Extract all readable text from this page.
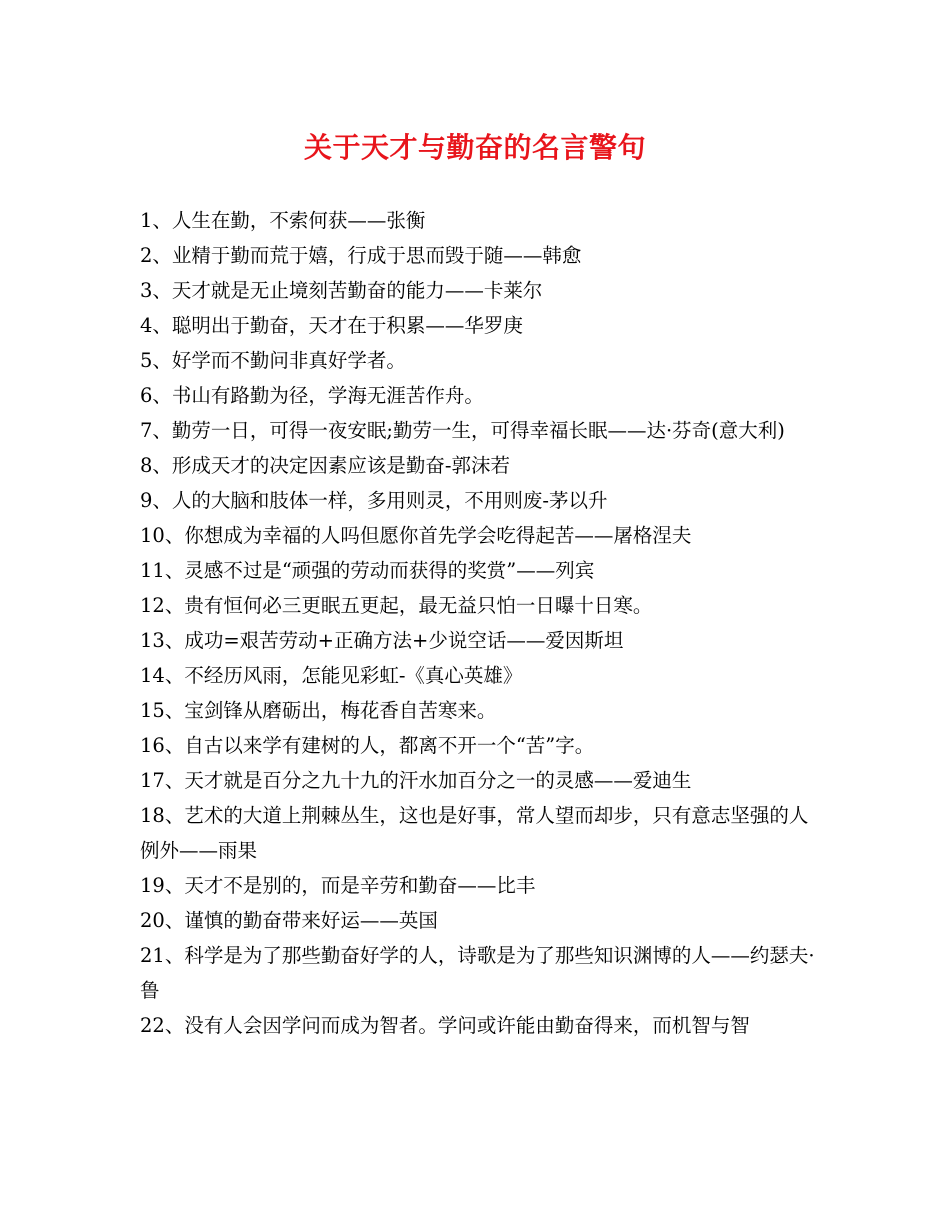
关于天才与勤奋的名言警句
1、人生在勤，不索何获——张衡
2、业精于勤而荒于嬉，行成于思而毁于随——韩愈
3、天才就是无止境刻苦勤奋的能力——卡莱尔
4、聪明出于勤奋，天才在于积累——华罗庚
5、好学而不勤问非真好学者。
6、书山有路勤为径，学海无涯苦作舟。
7、勤劳一日，可得一夜安眠;勤劳一生，可得幸福长眠——达·芬奇(意大利)
8、形成天才的决定因素应该是勤奋-郭沫若
9、人的大脑和肢体一样，多用则灵，不用则废-茅以升
10、你想成为幸福的人吗但愿你首先学会吃得起苦——屠格涅夫
11、灵感不过是“顽强的劳动而获得的奖赏”——列宾
12、贵有恒何必三更眠五更起，最无益只怕一日曝十日寒。
13、成功=艰苦劳动+正确方法+少说空话——爱因斯坦
14、不经历风雨，怎能见彩虹-《真心英雄》
15、宝剑锋从磨砺出，梅花香自苦寒来。
16、自古以来学有建树的人，都离不开一个“苦”字。
17、天才就是百分之九十九的汗水加百分之一的灵感——爱迪生
18、艺术的大道上荆棘丛生，这也是好事，常人望而却步，只有意志坚强的人例外——雨果
19、天才不是别的，而是辛劳和勤奋——比丰
20、谨慎的勤奋带来好运——英国
21、科学是为了那些勤奋好学的人，诗歌是为了那些知识渊博的人——约瑟夫·鲁
22、没有人会因学问而成为智者。学问或许能由勤奋得来，而机智与智
